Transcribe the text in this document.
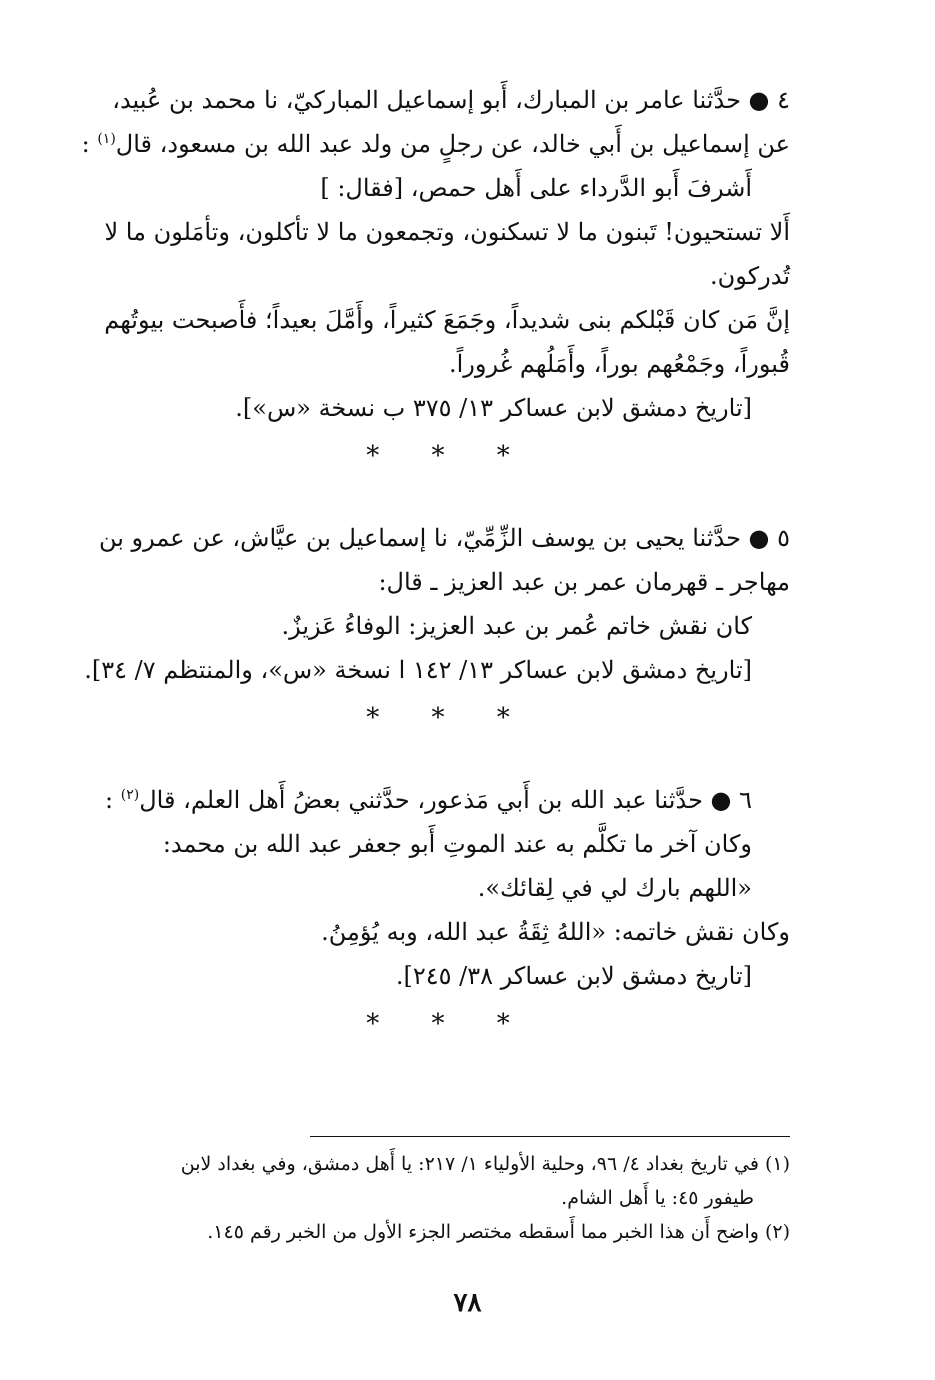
٤ ● حدَّثنا عامر بن المبارك، أَبو إسماعيل المباركيّ، نا محمد بن عُبيد،

عن إسماعيل بن أَبي خالد، عن رجلٍ من ولد عبد الله بن مسعود، قال$^{(١)}$ :

أَشرفَ أَبو الدَّرداء على أَهل حمص، [فقال: ]

أَلا تستحيون! تَبنون ما لا تسكنون، وتجمعون ما لا تأكلون، وتأمَلون ما لا

تُدركون.

إنَّ مَن كان قَبْلكم بنى شديداً، وجَمَعَ كثيراً، وأَمَّلَ بعيداً؛ فأَصبحت بيوتُهم

قُبوراً، وجَمْعُهم بوراً، وأَمَلُهم غُروراً.

[تاريخ دمشق لابن عساكر ١٣/ ٣٧٥ ب نسخة «س»].

* * *

٥ ● حدَّثنا يحيى بن يوسف الزِّمِّيّ، نا إسماعيل بن عيَّاش، عن عمرو بن

مهاجر ـ قهرمان عمر بن عبد العزيز ـ قال:

كان نقش خاتم عُمر بن عبد العزيز: الوفاءُ عَزيزٌ.

[تاريخ دمشق لابن عساكر ١٣/ ١٤٢ ا نسخة «س»، والمنتظم ٧/ ٣٤].

* * *

٦ ● حدَّثنا عبد الله بن أَبي مَذعور، حدَّثني بعضُ أَهل العلم، قال$^{(٢)}$ :

وكان آخر ما تكلَّم به عند الموتِ أَبو جعفر عبد الله بن محمد:

«اللهم بارك لي في لِقائك».

وكان نقش خاتمه: «اللهُ ثِقَةُ عبد الله، وبه يُؤمِنُ.

[تاريخ دمشق لابن عساكر ٣٨/ ٢٤٥].

* * *

(١) في تاريخ بغداد ٤/ ٩٦، وحلية الأولياء ١/ ٢١٧: يا أَهل دمشق، وفي بغداد لابن

طيفور ٤٥: يا أَهل الشام.

(٢) واضح أَن هذا الخبر مما أَسقطه مختصر الجزء الأول من الخبر رقم ١٤٥.

٧٨
